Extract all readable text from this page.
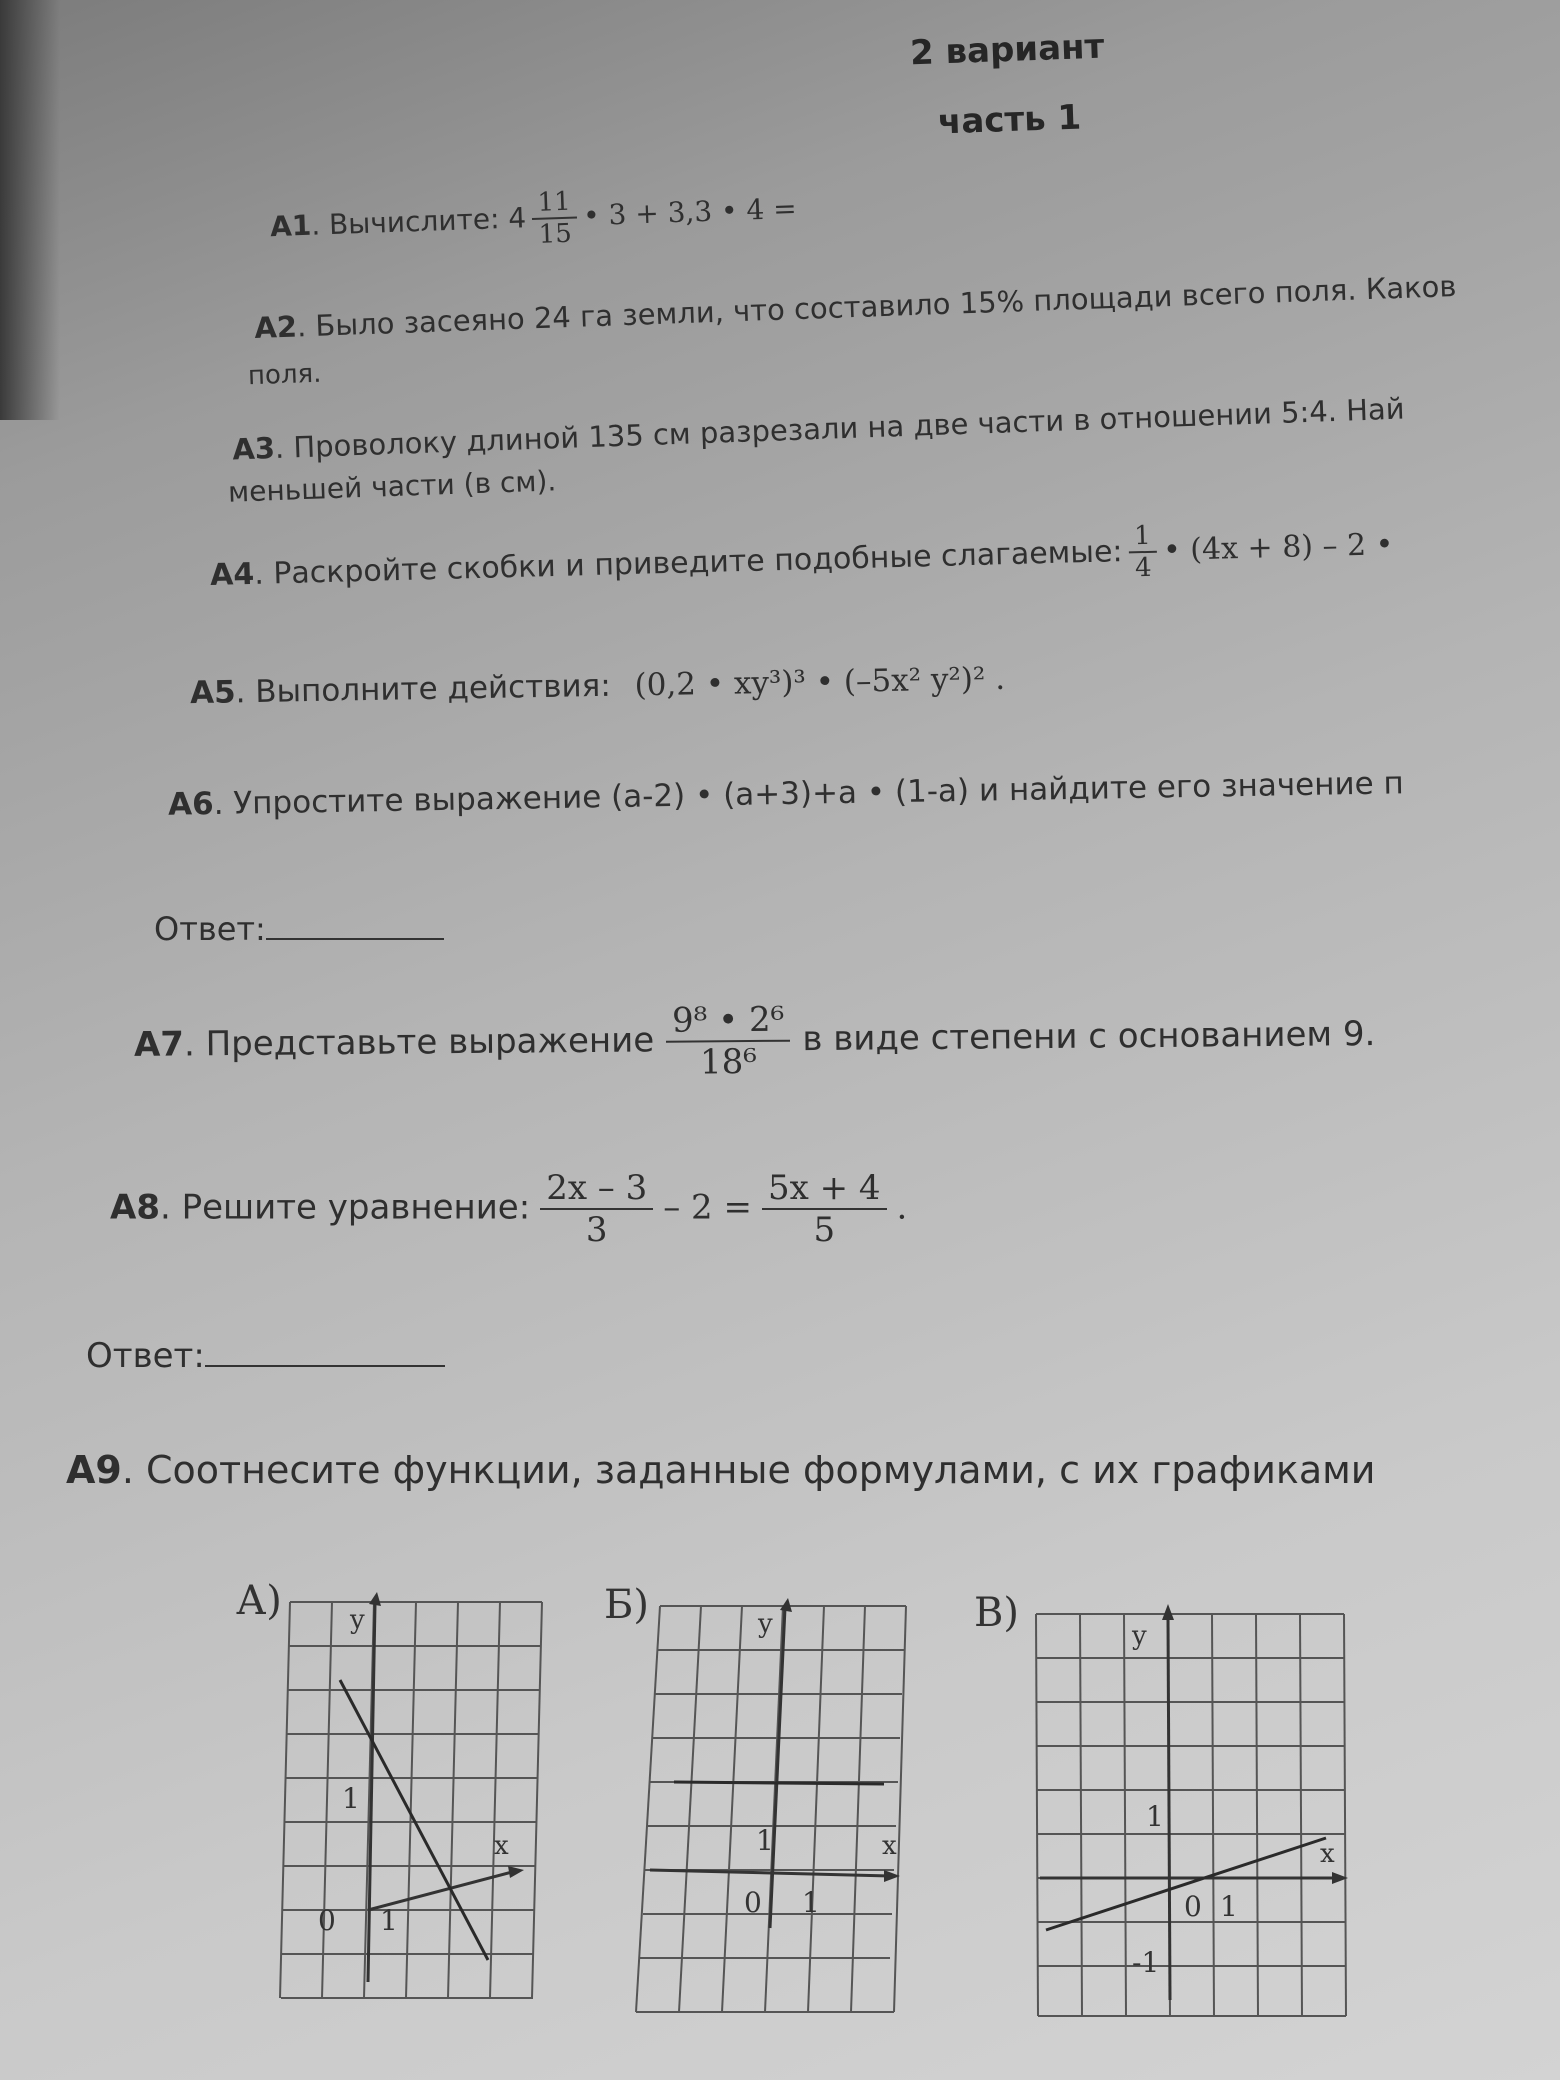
2 вариант
часть 1
А1. Вычислите: $4 \frac{11}{15}$ • 3 + 3,3 • 4 =
А2. Было засеяно 24 га земли, что составило 15% площади всего поля. Каков
поля.
А3. Проволоку длиной 135 см разрезали на две части в отношении 5:4. Най
меньшей части (в см).
А4. Раскройте скобки и приведите подобные слагаемые: $\frac{1}{4}$ • (4x + 8) – 2 •
А5. Выполните действия: (0,2 • xy³)³ • (–5x² y²)² .
А6. Упростите выражение (а-2) • (а+3)+а • (1-а) и найдите его значение п
Ответ:
А7. Представьте выражение $\frac{\text{9⁸ • 2⁶}}{\text{18⁶}}$ в виде степени с основанием 9.
А8. Решите уравнение: $\frac{2x - 3}{3} - 2 = \frac{5x + 4}{5}$ .
Ответ:
А9. Соотнесите функции, заданные формулами, с их графиками
А)	y
x
0 1
1
Б)	y
x
0 1
1
В)	y
x
0 1
1
-1
